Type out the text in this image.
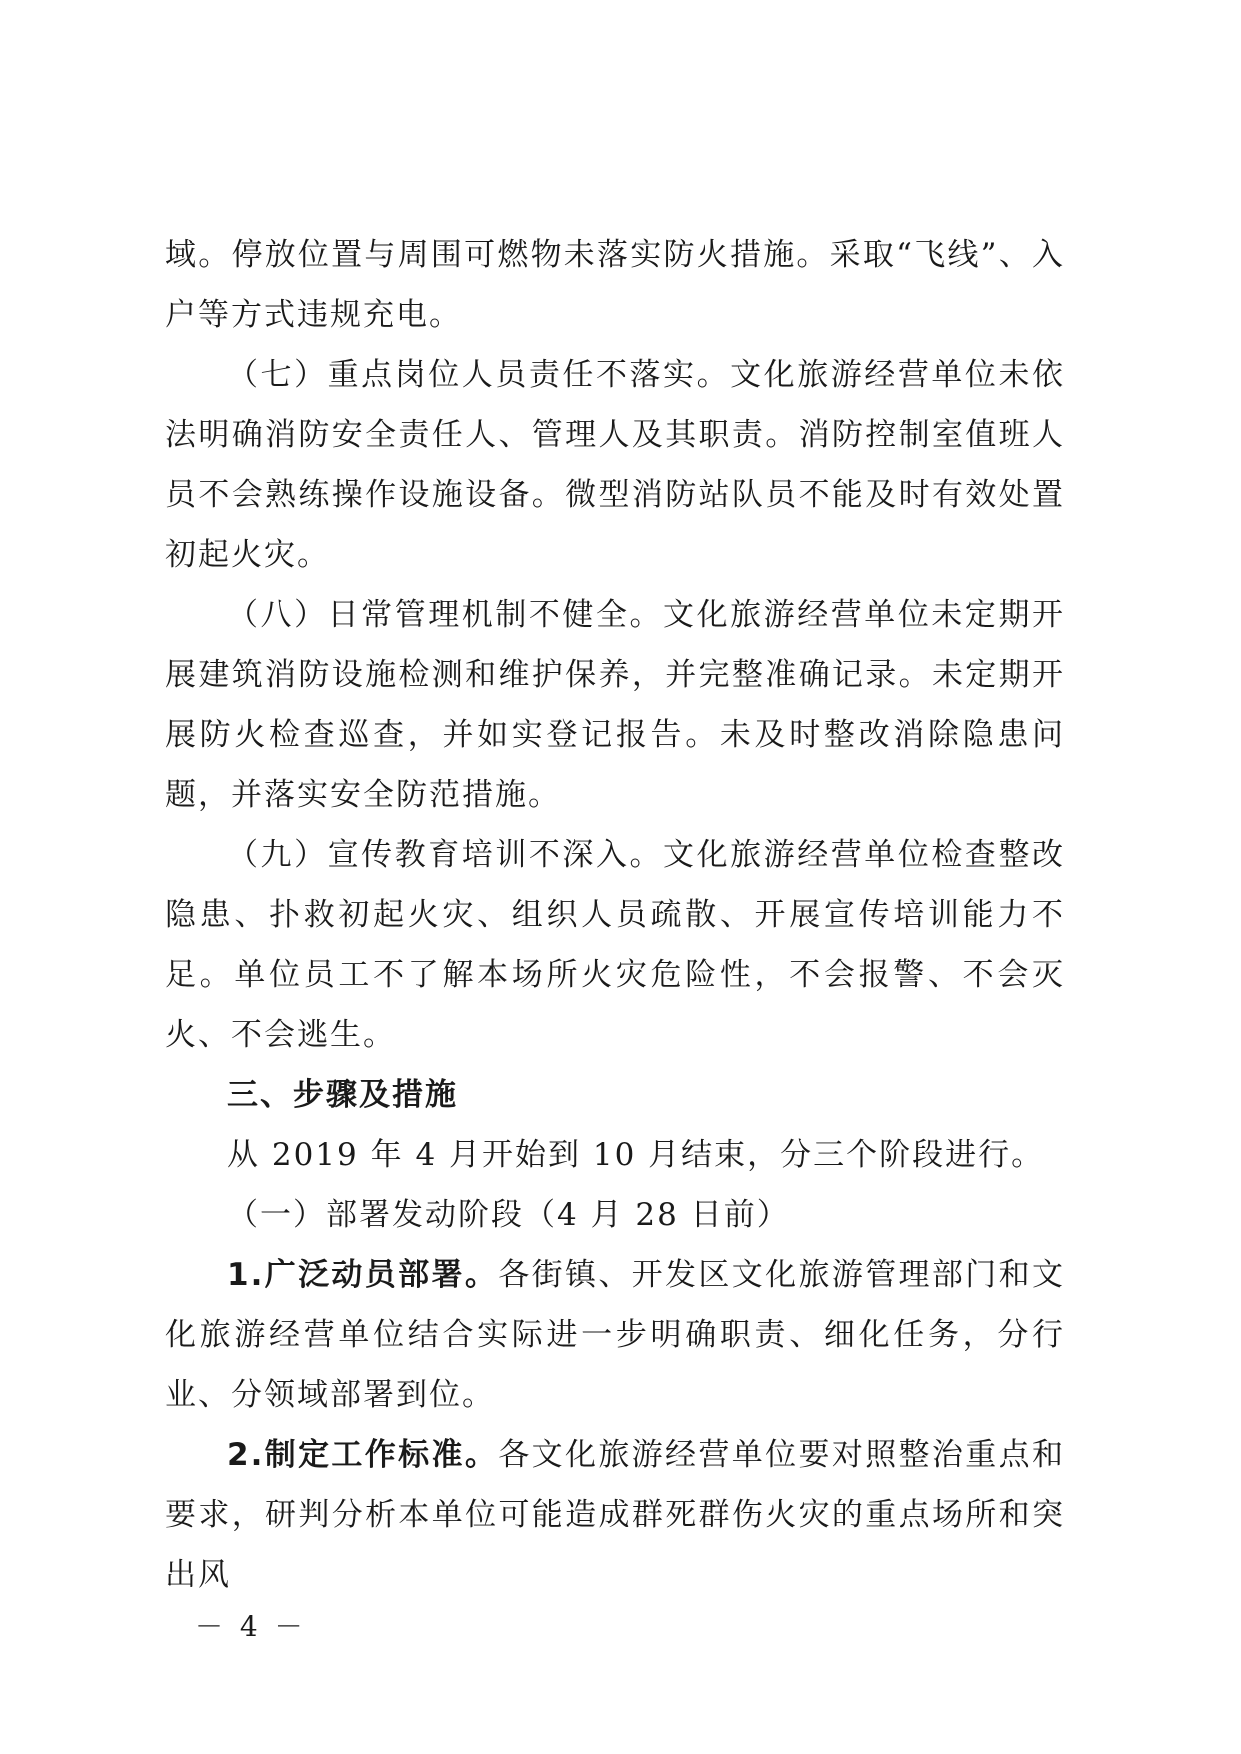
域。停放位置与周围可燃物未落实防火措施。采取“飞线”、入户等方式违规充电。

（七）重点岗位人员责任不落实。文化旅游经营单位未依法明确消防安全责任人、管理人及其职责。消防控制室值班人员不会熟练操作设施设备。微型消防站队员不能及时有效处置初起火灾。

（八）日常管理机制不健全。文化旅游经营单位未定期开展建筑消防设施检测和维护保养，并完整准确记录。未定期开展防火检查巡查，并如实登记报告。未及时整改消除隐患问题，并落实安全防范措施。

（九）宣传教育培训不深入。文化旅游经营单位检查整改隐患、扑救初起火灾、组织人员疏散、开展宣传培训能力不足。单位员工不了解本场所火灾危险性，不会报警、不会灭火、不会逃生。

三、步骤及措施

从 2019 年 4 月开始到 10 月结束，分三个阶段进行。

（一）部署发动阶段（4 月 28 日前）

1.广泛动员部署。各街镇、开发区文化旅游管理部门和文化旅游经营单位结合实际进一步明确职责、细化任务，分行业、分领域部署到位。

2.制定工作标准。各文化旅游经营单位要对照整治重点和要求，研判分析本单位可能造成群死群伤火灾的重点场所和突出风

－ 4 －
